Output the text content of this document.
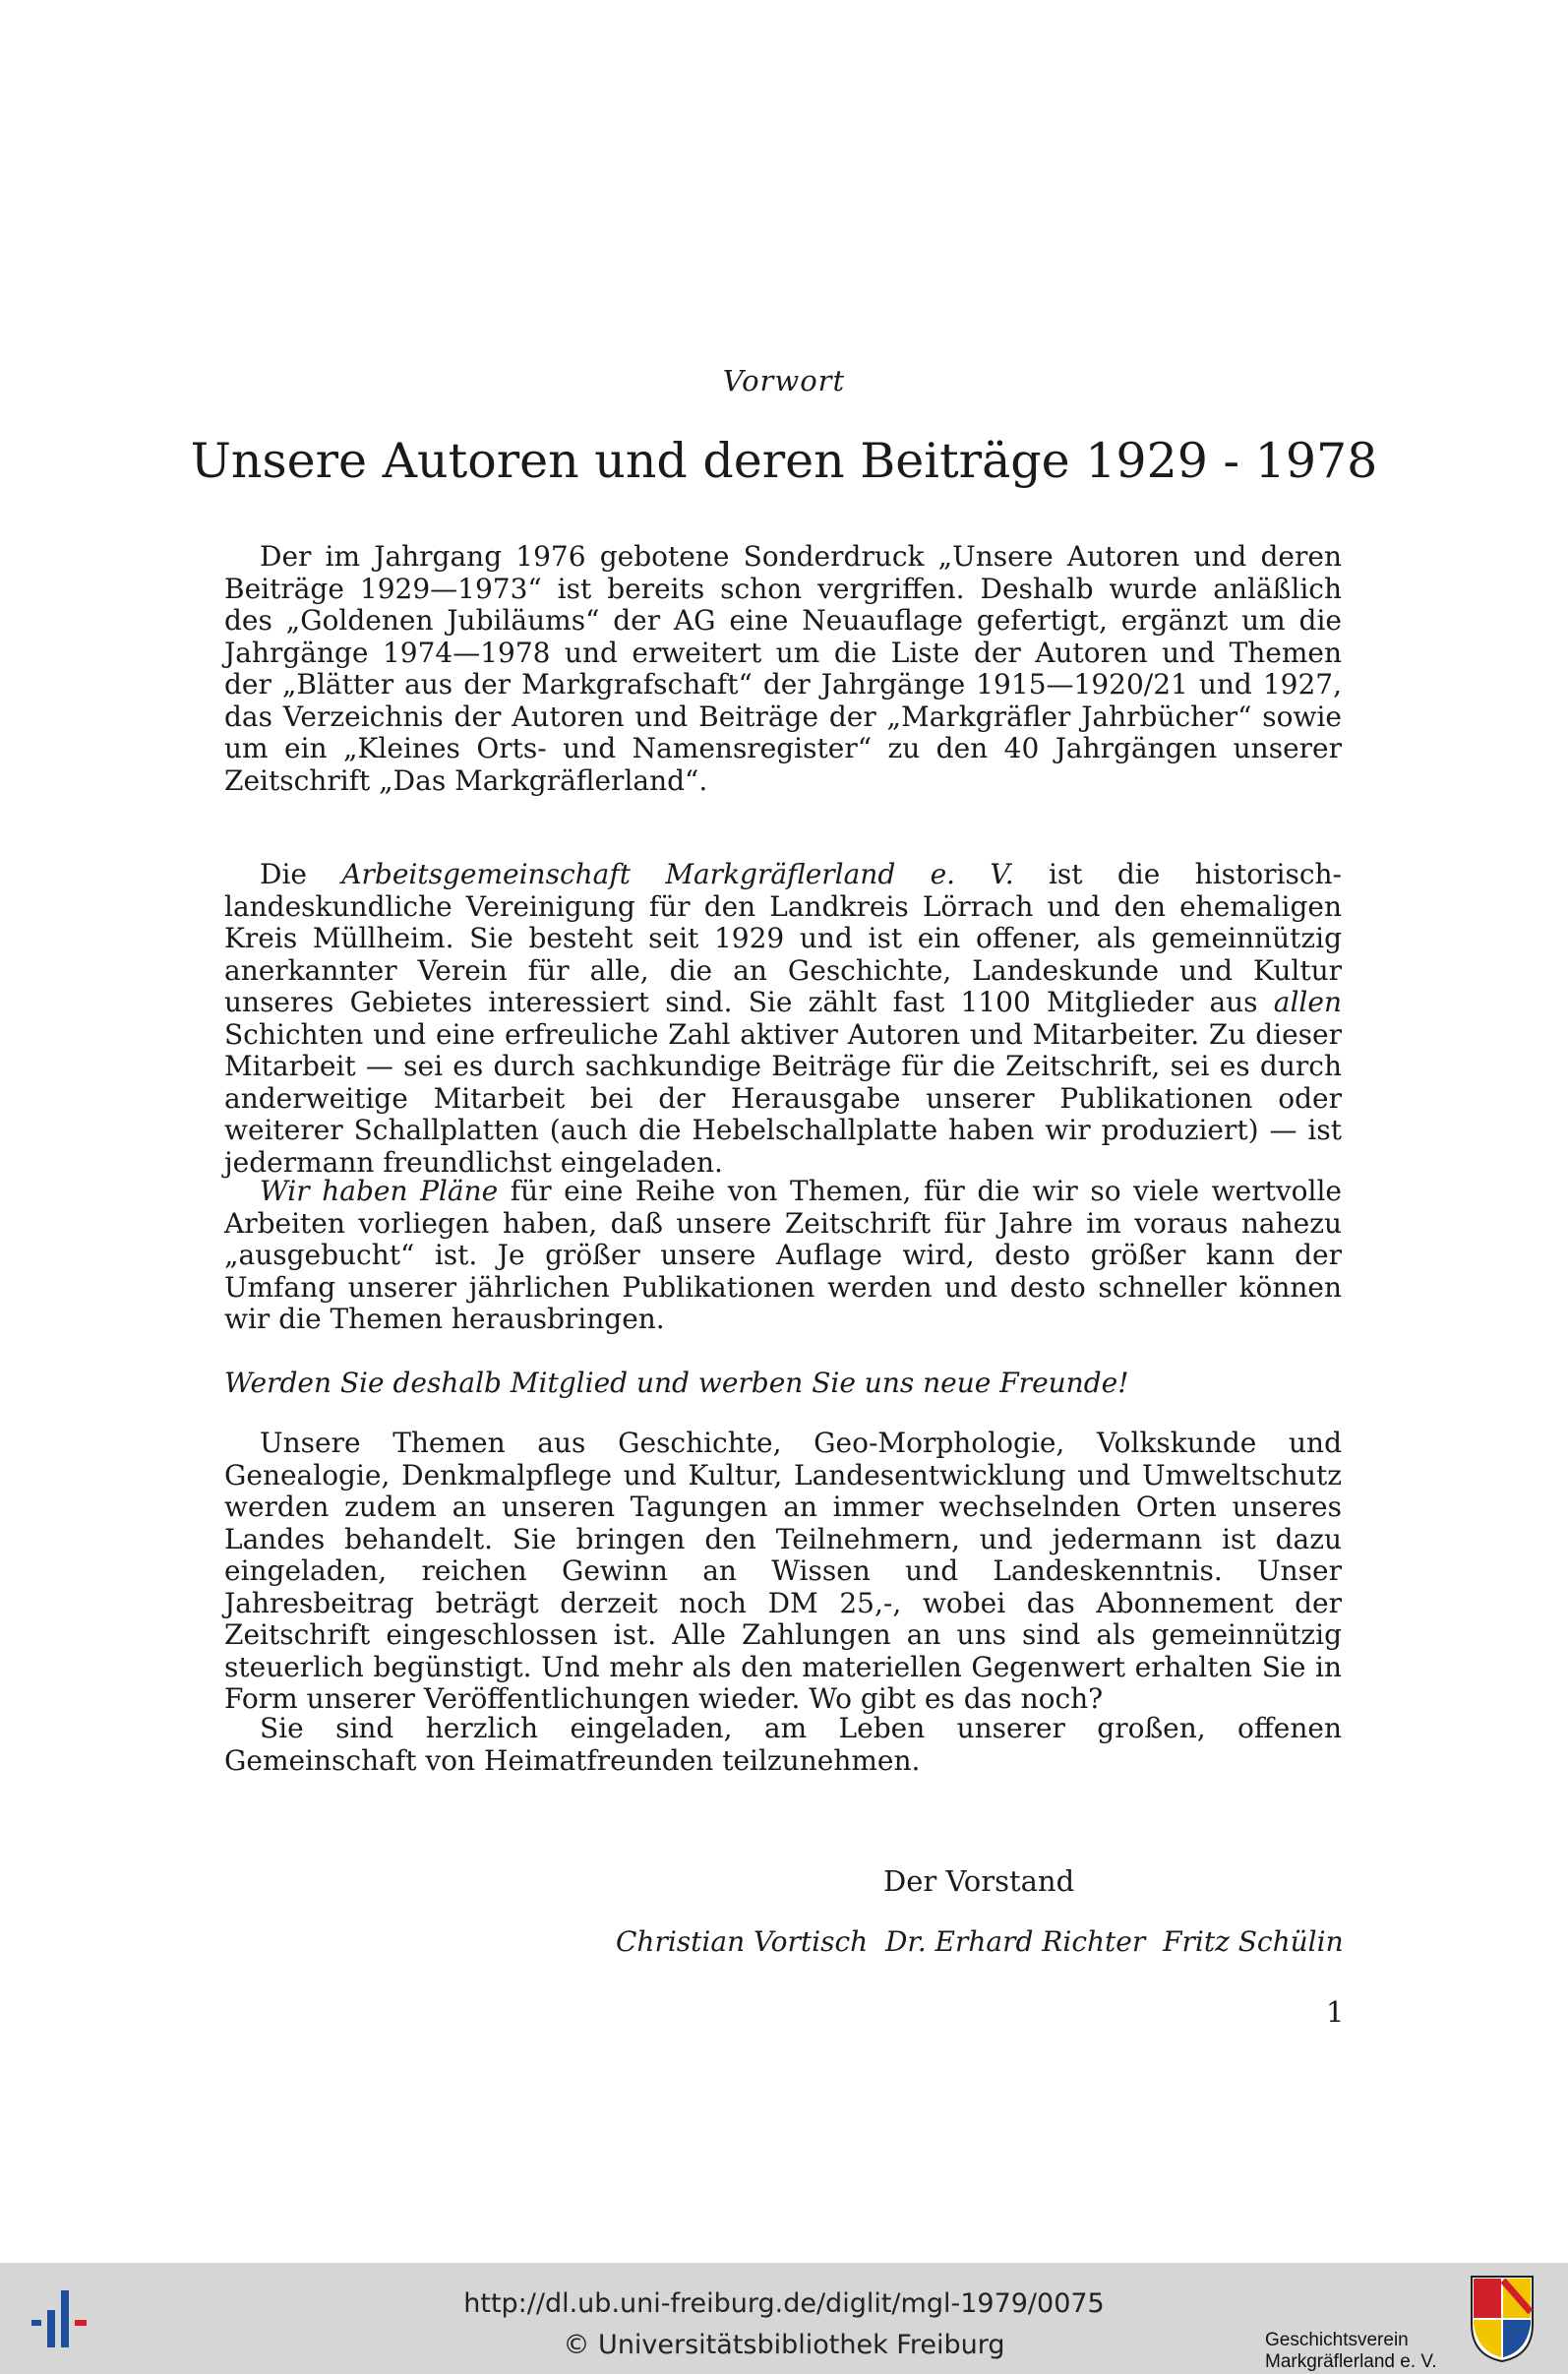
Vorwort
Unsere Autoren und deren Beiträge 1929 - 1978

Der im Jahrgang 1976 gebotene Sonderdruck „Unsere Autoren und deren Beiträge 1929—1973“ ist bereits schon vergriffen. Deshalb wurde anläßlich des „Goldenen Jubiläums“ der AG eine Neuauflage gefertigt, ergänzt um die Jahrgänge 1974—1978 und erweitert um die Liste der Autoren und Themen der „Blätter aus der Markgrafschaft“ der Jahrgänge 1915—1920/21 und 1927, das Verzeichnis der Autoren und Beiträge der „Markgräfler Jahrbücher“ sowie um ein „Kleines Orts- und Namensregister“ zu den 40 Jahrgängen unserer Zeitschrift „Das Markgräflerland“.

Die Arbeitsgemeinschaft Markgräflerland e. V. ist die historisch-landeskundliche Vereinigung für den Landkreis Lörrach und den ehemaligen Kreis Müllheim. Sie besteht seit 1929 und ist ein offener, als gemeinnützig anerkannter Verein für alle, die an Geschichte, Landeskunde und Kultur unseres Gebietes interessiert sind. Sie zählt fast 1100 Mitglieder aus allen Schichten und eine erfreuliche Zahl aktiver Autoren und Mitarbeiter. Zu dieser Mitarbeit — sei es durch sachkundige Beiträge für die Zeitschrift, sei es durch anderweitige Mitarbeit bei der Herausgabe unserer Publikationen oder weiterer Schallplatten (auch die Hebelschallplatte haben wir produziert) — ist jedermann freundlichst eingeladen.

Wir haben Pläne für eine Reihe von Themen, für die wir so viele wertvolle Arbeiten vorliegen haben, daß unsere Zeitschrift für Jahre im voraus nahezu „ausgebucht“ ist. Je größer unsere Auflage wird, desto größer kann der Umfang unserer jährlichen Publikationen werden und desto schneller können wir die Themen herausbringen.

Werden Sie deshalb Mitglied und werben Sie uns neue Freunde!

Unsere Themen aus Geschichte, Geo-Morphologie, Volkskunde und Genealogie, Denkmalpflege und Kultur, Landesentwicklung und Umweltschutz werden zudem an unseren Tagungen an immer wechselnden Orten unseres Landes behandelt. Sie bringen den Teilnehmern, und jedermann ist dazu eingeladen, reichen Gewinn an Wissen und Landeskenntnis. Unser Jahresbeitrag beträgt derzeit noch DM 25,-, wobei das Abonnement der Zeitschrift eingeschlossen ist. Alle Zahlungen an uns sind als gemeinnützig steuerlich begünstigt. Und mehr als den materiellen Gegenwert erhalten Sie in Form unserer Veröffentlichungen wieder. Wo gibt es das noch?

Sie sind herzlich eingeladen, am Leben unserer großen, offenen Gemeinschaft von Heimatfreunden teilzunehmen.

Der Vorstand
Christian Vortisch  Dr. Erhard Richter  Fritz Schülin
1
http://dl.ub.uni-freiburg.de/diglit/mgl-1979/0075
© Universitätsbibliothek Freiburg	Geschichtsverein
Markgräflerland e. V.
